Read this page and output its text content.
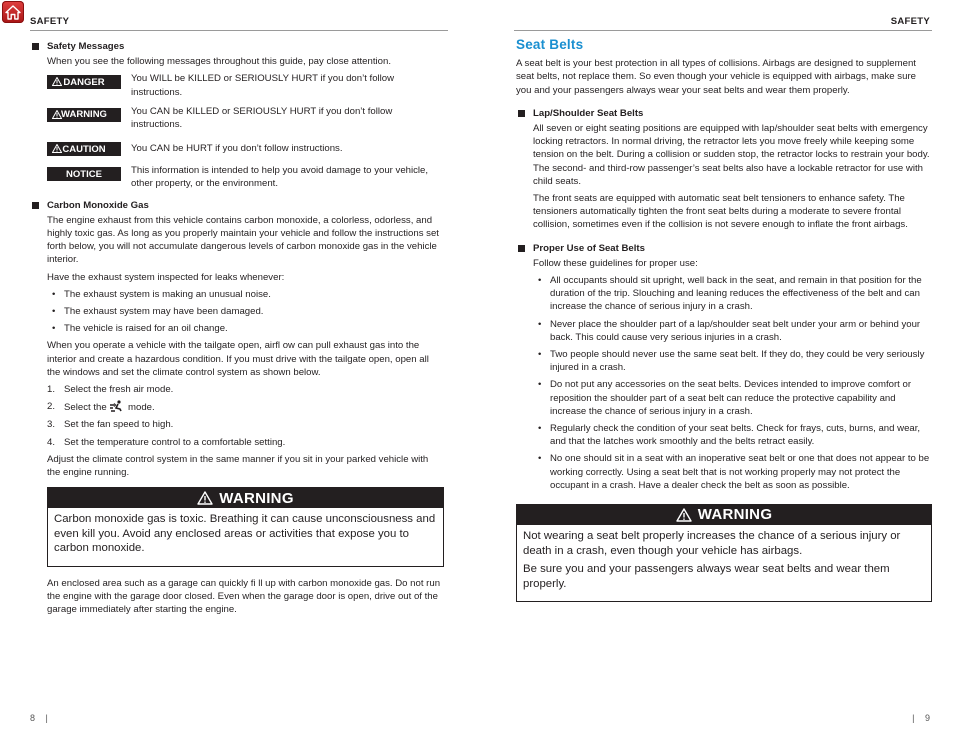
SAFETY
Safety Messages

When you see the following messages throughout this guide, pay close attention.

DANGER	You WILL be KILLED or SERIOUSLY HURT if you don’t follow instructions.
WARNING	You CAN be KILLED or SERIOUSLY HURT if you don’t follow instructions.
CAUTION	You CAN be HURT if you don’t follow instructions.
NOTICE	This information is intended to help you avoid damage to your vehicle, other property, or the environment.
Carbon Monoxide Gas

The engine exhaust from this vehicle contains carbon monoxide, a colorless, odorless, and highly toxic gas. As long as you properly maintain your vehicle and follow the instructions set forth below, you will not accumulate dangerous levels of carbon monoxide gas in the vehicle interior.

Have the exhaust system inspected for leaks whenever:

• The exhaust system is making an unusual noise.
• The exhaust system may have been damaged.
• The vehicle is raised for an oil change.

When you operate a vehicle with the tailgate open, airfl ow can pull exhaust gas into the interior and create a hazardous condition. If you must drive with the tailgate open, open all the windows and set the climate control system as shown below.

1. Select the fresh air mode.
2. Select the mode.
3. Set the fan speed to high.
4. Set the temperature control to a comfortable setting.

Adjust the climate control system in the same manner if you sit in your parked vehicle with the engine running.

WARNING

Carbon monoxide gas is toxic. Breathing it can cause unconsciousness and even kill you. Avoid any enclosed areas or activities that expose you to carbon monoxide.

An enclosed area such as a garage can quickly fi ll up with carbon monoxide gas. Do not run the engine with the garage door closed. Even when the garage door is open, drive out of the garage immediately after starting the engine.

8 |
SAFETY
Seat Belts

A seat belt is your best protection in all types of collisions. Airbags are designed to supplement seat belts, not replace them. So even though your vehicle is equipped with airbags, make sure you and your passengers always wear your seat belts and wear them properly.

Lap/Shoulder Seat Belts

All seven or eight seating positions are equipped with lap/shoulder seat belts with emergency locking retractors. In normal driving, the retractor lets you move freely while keeping some tension on the belt. During a collision or sudden stop, the retractor locks to restrain your body. The second- and third-row passenger’s seat belts also have a lockable retractor for use with child seats.

The front seats are equipped with automatic seat belt tensioners to enhance safety. The tensioners automatically tighten the front seat belts during a moderate to severe frontal collision, sometimes even if the collision is not severe enough to inflate the front airbags.

Proper Use of Seat Belts

Follow these guidelines for proper use:

• All occupants should sit upright, well back in the seat, and remain in that position for the duration of the trip. Slouching and leaning reduces the effectiveness of the belt and can increase the chance of serious injury in a crash.
• Never place the shoulder part of a lap/shoulder seat belt under your arm or behind your back. This could cause very serious injuries in a crash.
• Two people should never use the same seat belt. If they do, they could be very seriously injured in a crash.
• Do not put any accessories on the seat belts. Devices intended to improve comfort or reposition the shoulder part of a seat belt can reduce the protective capability and increase the chance of serious injury in a crash.
• Regularly check the condition of your seat belts. Check for frays, cuts, burns, and wear, and that the latches work smoothly and the belts retract easily.
• No one should sit in a seat with an inoperative seat belt or one that does not appear to be working correctly. Using a seat belt that is not working properly may not protect the occupant in a crash. Have a dealer check the belt as soon as possible.
WARNING

Not wearing a seat belt properly increases the chance of a serious injury or death in a crash, even though your vehicle has airbags.

Be sure you and your passengers always wear seat belts and wear them properly.

| 9
